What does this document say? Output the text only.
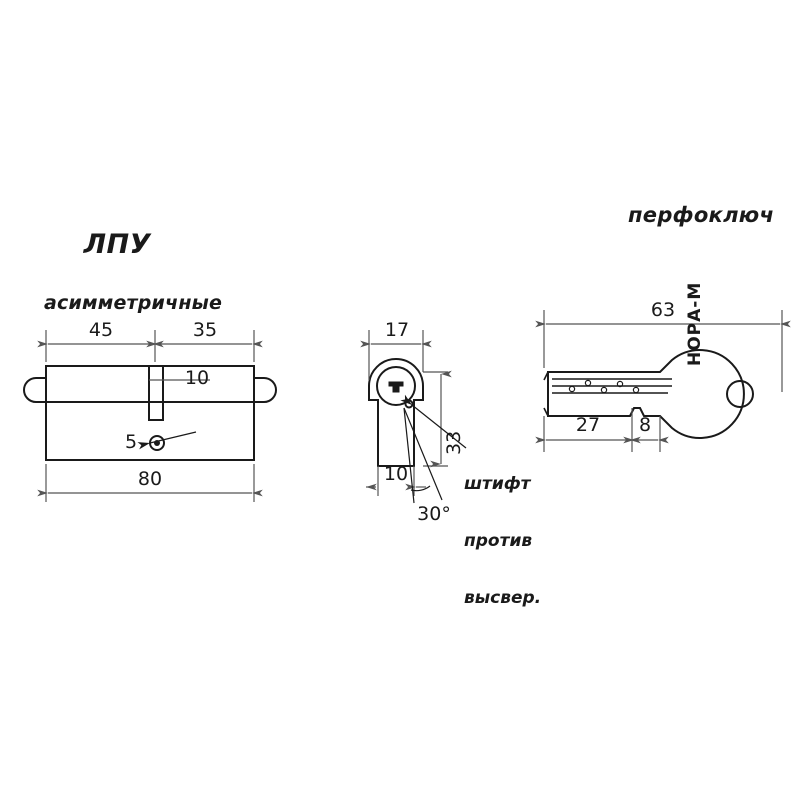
ЛПУ

асимметричные

перфоключ
45	35
10
5
80
17
33
10
30°

штифт

против

высвер.

63
27	8
НОРА-М
